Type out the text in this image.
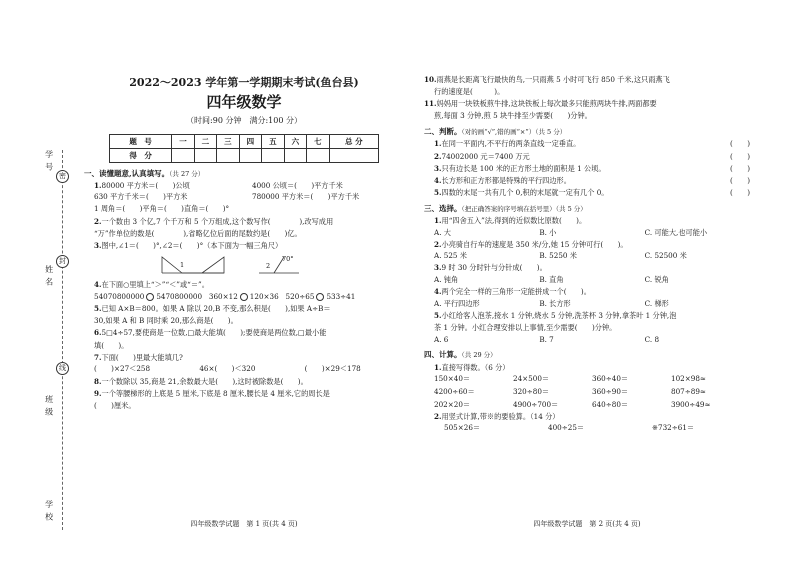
学 号
姓 名
班 级
学 校
密
封
线
2022～2023 学年第一学期期末考试(鱼台县)
四年级数学
（时间:90 分钟　满分:100 分）
题　号	一	二	三	四	五	六	七	总 分
得　分								
一、读懂题意,认真填写。（共 27 分）
1.80000 平方米＝(　　)公顷	4000 公顷＝(　　)平方千米
630 平方千米＝(　　)平方米	780000 平方米＝(　　)平方千米
1 周角＝(　　)平角＝(　　)直角＝(　　)°
2.一个数由 3 个亿,7 个千万和 5 个万组成,这个数写作(　　　　),改写成用
“万”作单位的数是(　　　　),省略亿位后面的尾数约是(　　)亿。
3.图中,∠1＝(　　)°,∠2＝(　　)°（本下面为一幅三角尺）
1	2
70°
4.在下面○里填上“＞”“＜”或“＝”。
54070800000 5470800000 360×12 120×36 520÷65 533÷41
5.已知 A×B＝800。如果 A 除以 20,B 不变,那么积是(　　),如果 A÷B＝
30,如果 A 和 B 同时乘 20,那么商是(　　)。
6.5□4÷57,要使商是一位数,□最大能填(　　);要使商是两位数,□最小能
填(　　)。
7.下面(　　)里最大能填几?
(　　)×27＜258	46×(　　)＜320	(　　)×29＜178
8.一个数除以 35,商是 21,余数最大是(　　),这时被除数是(　　)。
9.一个等腰梯形的上底是 5 厘米,下底是 8 厘米,腰长是 4 厘米,它的周长是
(　　)厘米。
四年级数学试题　第 1 页(共 4 页)
10.雨燕是长距离飞行最快的鸟,一只雨燕 5 小时可飞行 850 千米,这只雨燕飞
行的速度是(　　　)。
11.妈妈用一块铁板煎牛排,这块铁板上每次最多只能煎两块牛排,两面都要
煎,每面 3 分钟,煎 5 块牛排至少需要(　　)分钟。
二、判断。（对的画“√”,错的画“×”）（共 5 分）
1.在同一平面内,不平行的两条直线一定垂直。	(　　)
2.74002000 元＝7400 万元	(　　)
3.只有边长是 100 米的正方形土地的面积是 1 公顷。	(　　)
4.长方形和正方形都是特殊的平行四边形。	(　　)
5.四数的末尾一共有几个 0,积的末尾就一定有几个 0。	(　　)
三、选择。（把正确答案的序号填在括号里）（共 5 分）
1.用“四舍五入”法,得到的近似数比原数(　　)。
A. 大	B. 小	C. 可能大,也可能小
2.小亮骑自行车的速度是 350 米/分,她 15 分钟可行(　　)。
A. 525 米	B. 5250 米	C. 52500 米
3.9 时 30 分时针与分针成(　　)。
A. 钝角	B. 直角	C. 锐角
4.两个完全一样的三角形一定能拼成一个(　　)。
A. 平行四边形	B. 长方形	C. 梯形
5.小红给客人泡茶,接水 1 分钟,烧水 5 分钟,洗茶杯 3 分钟,拿茶叶 1 分钟,泡
茶 1 分钟。小红合理安排以上事情,至少需要(　　)分钟。
A. 6	B. 7	C. 8
四、计算。（共 29 分）
1.直接写得数。（6 分）
150×40＝	24×500＝	360÷40＝	102×98≈
4200÷60＝	320÷80＝	360÷90＝	807÷89≈
202×20＝	4900÷700＝	640÷80＝	3900÷49≈
2.用竖式计算,带※的要验算。（14 分）
505×26＝	400÷25＝	※732÷61＝
四年级数学试题　第 2 页(共 4 页)
